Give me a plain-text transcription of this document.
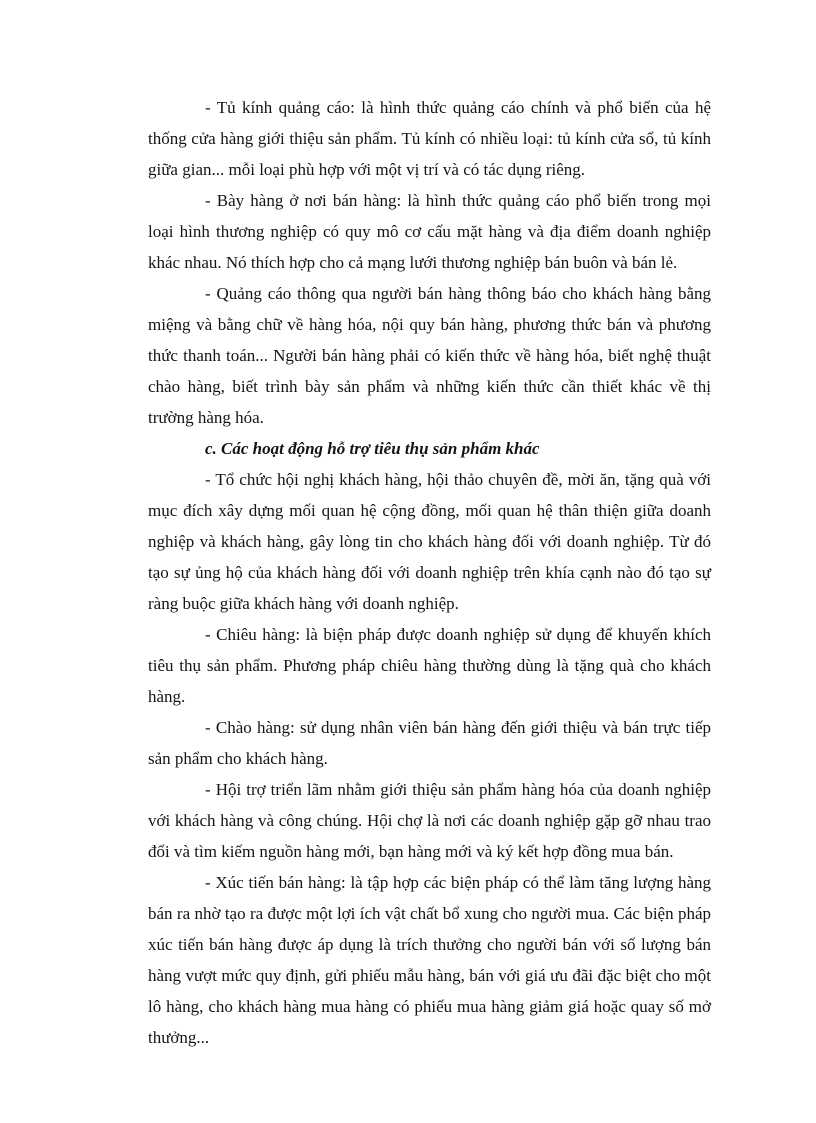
- Tủ kính quảng cáo: là hình thức quảng cáo chính và phổ biến của hệ thống cửa hàng giới thiệu sản phẩm. Tủ kính có nhiều loại: tủ kính cửa sổ, tủ kính giữa gian... mỗi loại phù hợp với một vị trí và có tác dụng riêng.

- Bày hàng ở nơi bán hàng: là hình thức quảng cáo phổ biến trong mọi loại hình thương nghiệp có quy mô cơ cấu mặt hàng và địa điểm doanh nghiệp khác nhau. Nó thích hợp cho cả mạng lưới thương nghiệp bán buôn và bán lẻ.

- Quảng cáo thông qua người bán hàng thông báo cho khách hàng bằng miệng và bằng chữ về hàng hóa, nội quy bán hàng, phương thức bán và phương thức thanh toán... Người bán hàng phải có kiến thức về hàng hóa, biết nghệ thuật chào hàng, biết trình bày sản phẩm và những kiến thức cần thiết khác về thị trường hàng hóa.

c. Các hoạt động hỗ trợ tiêu thụ sản phẩm khác

- Tổ chức hội nghị khách hàng, hội thảo chuyên đề, mời ăn, tặng quà với mục đích xây dựng mối quan hệ cộng đồng, mối quan hệ thân thiện giữa doanh nghiệp và khách hàng, gây lòng tin cho khách hàng đối với doanh nghiệp. Từ đó tạo sự ủng hộ của khách hàng đối với doanh nghiệp trên khía cạnh nào đó tạo sự ràng buộc giữa khách hàng với doanh nghiệp.

- Chiêu hàng: là biện pháp được doanh nghiệp sử dụng để khuyến khích tiêu thụ sản phẩm. Phương pháp chiêu hàng thường dùng là tặng quà cho khách hàng.

- Chào hàng: sử dụng nhân viên bán hàng đến giới thiệu và bán trực tiếp sản phẩm cho khách hàng.

- Hội trợ triển lãm nhằm giới thiệu sản phẩm hàng hóa của doanh nghiệp với khách hàng và công chúng. Hội chợ là nơi các doanh nghiệp gặp gỡ nhau trao đổi và tìm kiếm nguồn hàng mới, bạn hàng mới và ký kết hợp đồng mua bán.

- Xúc tiến bán hàng: là tập hợp các biện pháp có thể làm tăng lượng hàng bán ra nhờ tạo ra được một lợi ích vật chất bổ xung cho người mua. Các biện pháp xúc tiến bán hàng được áp dụng là trích thưởng cho người bán với số lượng bán hàng vượt mức quy định, gửi phiếu mẫu hàng, bán với giá ưu đãi đặc biệt cho một lô hàng, cho khách hàng mua hàng có phiếu mua hàng giảm giá hoặc quay số mở thưởng...
